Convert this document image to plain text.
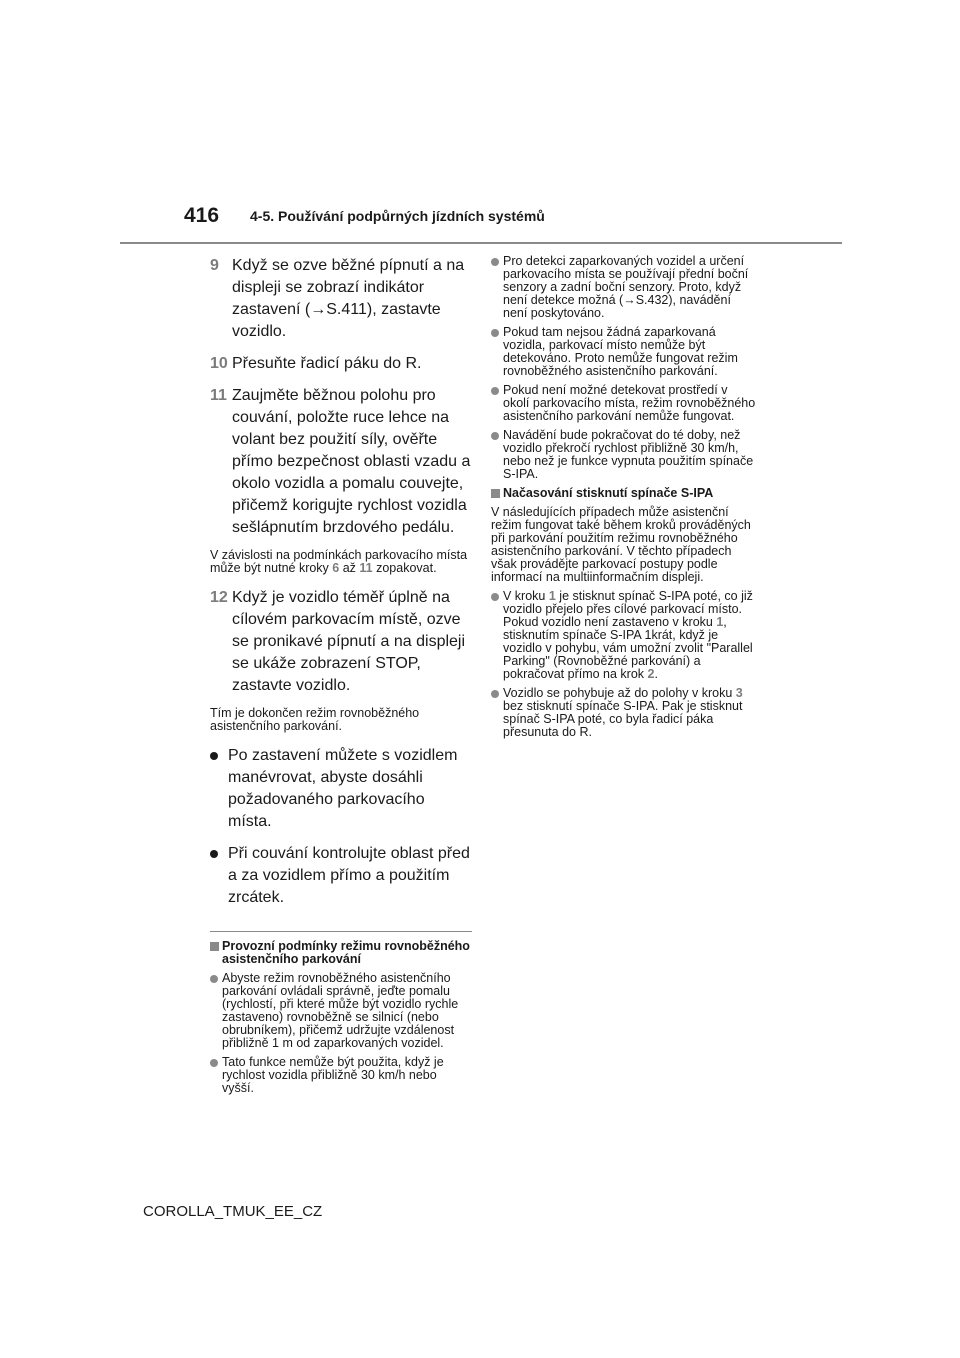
416 4-5. Používání podpůrných jízdních systémů
9 Když se ozve běžné pípnutí a na displeji se zobrazí indikátor zastavení (→S.411), zastavte vozidlo.
10 Přesuňte řadicí páku do R.
11 Zaujměte běžnou polohu pro couvání, položte ruce lehce na volant bez použití síly, ověřte přímo bezpečnost oblasti vzadu a okolo vozidla a pomalu couvejte, přičemž korigujte rychlost vozidla sešlápnutím brzdového pedálu.
V závislosti na podmínkách parkovacího místa může být nutné kroky 6 až 11 zopakovat.
12 Když je vozidlo téměř úplně na cílovém parkovacím místě, ozve se pronikavé pípnutí a na displeji se ukáže zobrazení STOP, zastavte vozidlo.
Tím je dokončen režim rovnoběžného asistenčního parkování.
Po zastavení můžete s vozidlem manévrovat, abyste dosáhli požadovaného parkovacího místa.
Při couvání kontrolujte oblast před a za vozidlem přímo a použitím zrcátek.
Provozní podmínky režimu rovnoběžného asistenčního parkování
Abyste režim rovnoběžného asistenčního parkování ovládali správně, jeďte pomalu (rychlostí, při které může být vozidlo rychle zastaveno) rovnoběžně se silnicí (nebo obrubníkem), přičemž udržujte vzdálenost přibližně 1 m od zaparkovaných vozidel.
Tato funkce nemůže být použita, když je rychlost vozidla přibližně 30 km/h nebo vyšší.
Pro detekci zaparkovaných vozidel a určení parkovacího místa se používají přední boční senzory a zadní boční senzory. Proto, když není detekce možná (→S.432), navádění není poskytováno.
Pokud tam nejsou žádná zaparkovaná vozidla, parkovací místo nemůže být detekováno. Proto nemůže fungovat režim rovnoběžného asistenčního parkování.
Pokud není možné detekovat prostředí v okolí parkovacího místa, režim rovnoběžného asistenčního parkování nemůže fungovat.
Navádění bude pokračovat do té doby, než vozidlo překročí rychlost přibližně 30 km/h, nebo než je funkce vypnuta použitím spínače S-IPA.
Načasování stisknutí spínače S-IPA
V následujících případech může asistenční režim fungovat také během kroků prováděných při parkování použitím režimu rovnoběžného asistenčního parkování. V těchto případech však provádějte parkovací postupy podle informací na multiinformačním displeji.
V kroku 1 je stisknut spínač S-IPA poté, co již vozidlo přejelo přes cílové parkovací místo. Pokud vozidlo není zastaveno v kroku 1, stisknutím spínače S-IPA 1krát, když je vozidlo v pohybu, vám umožní zvolit "Parallel Parking" (Rovnoběžné parkování) a pokračovat přímo na krok 2.
Vozidlo se pohybuje až do polohy v kroku 3 bez stisknutí spínače S-IPA. Pak je stisknut spínač S-IPA poté, co byla řadicí páka přesunuta do R.
COROLLA_TMUK_EE_CZ
